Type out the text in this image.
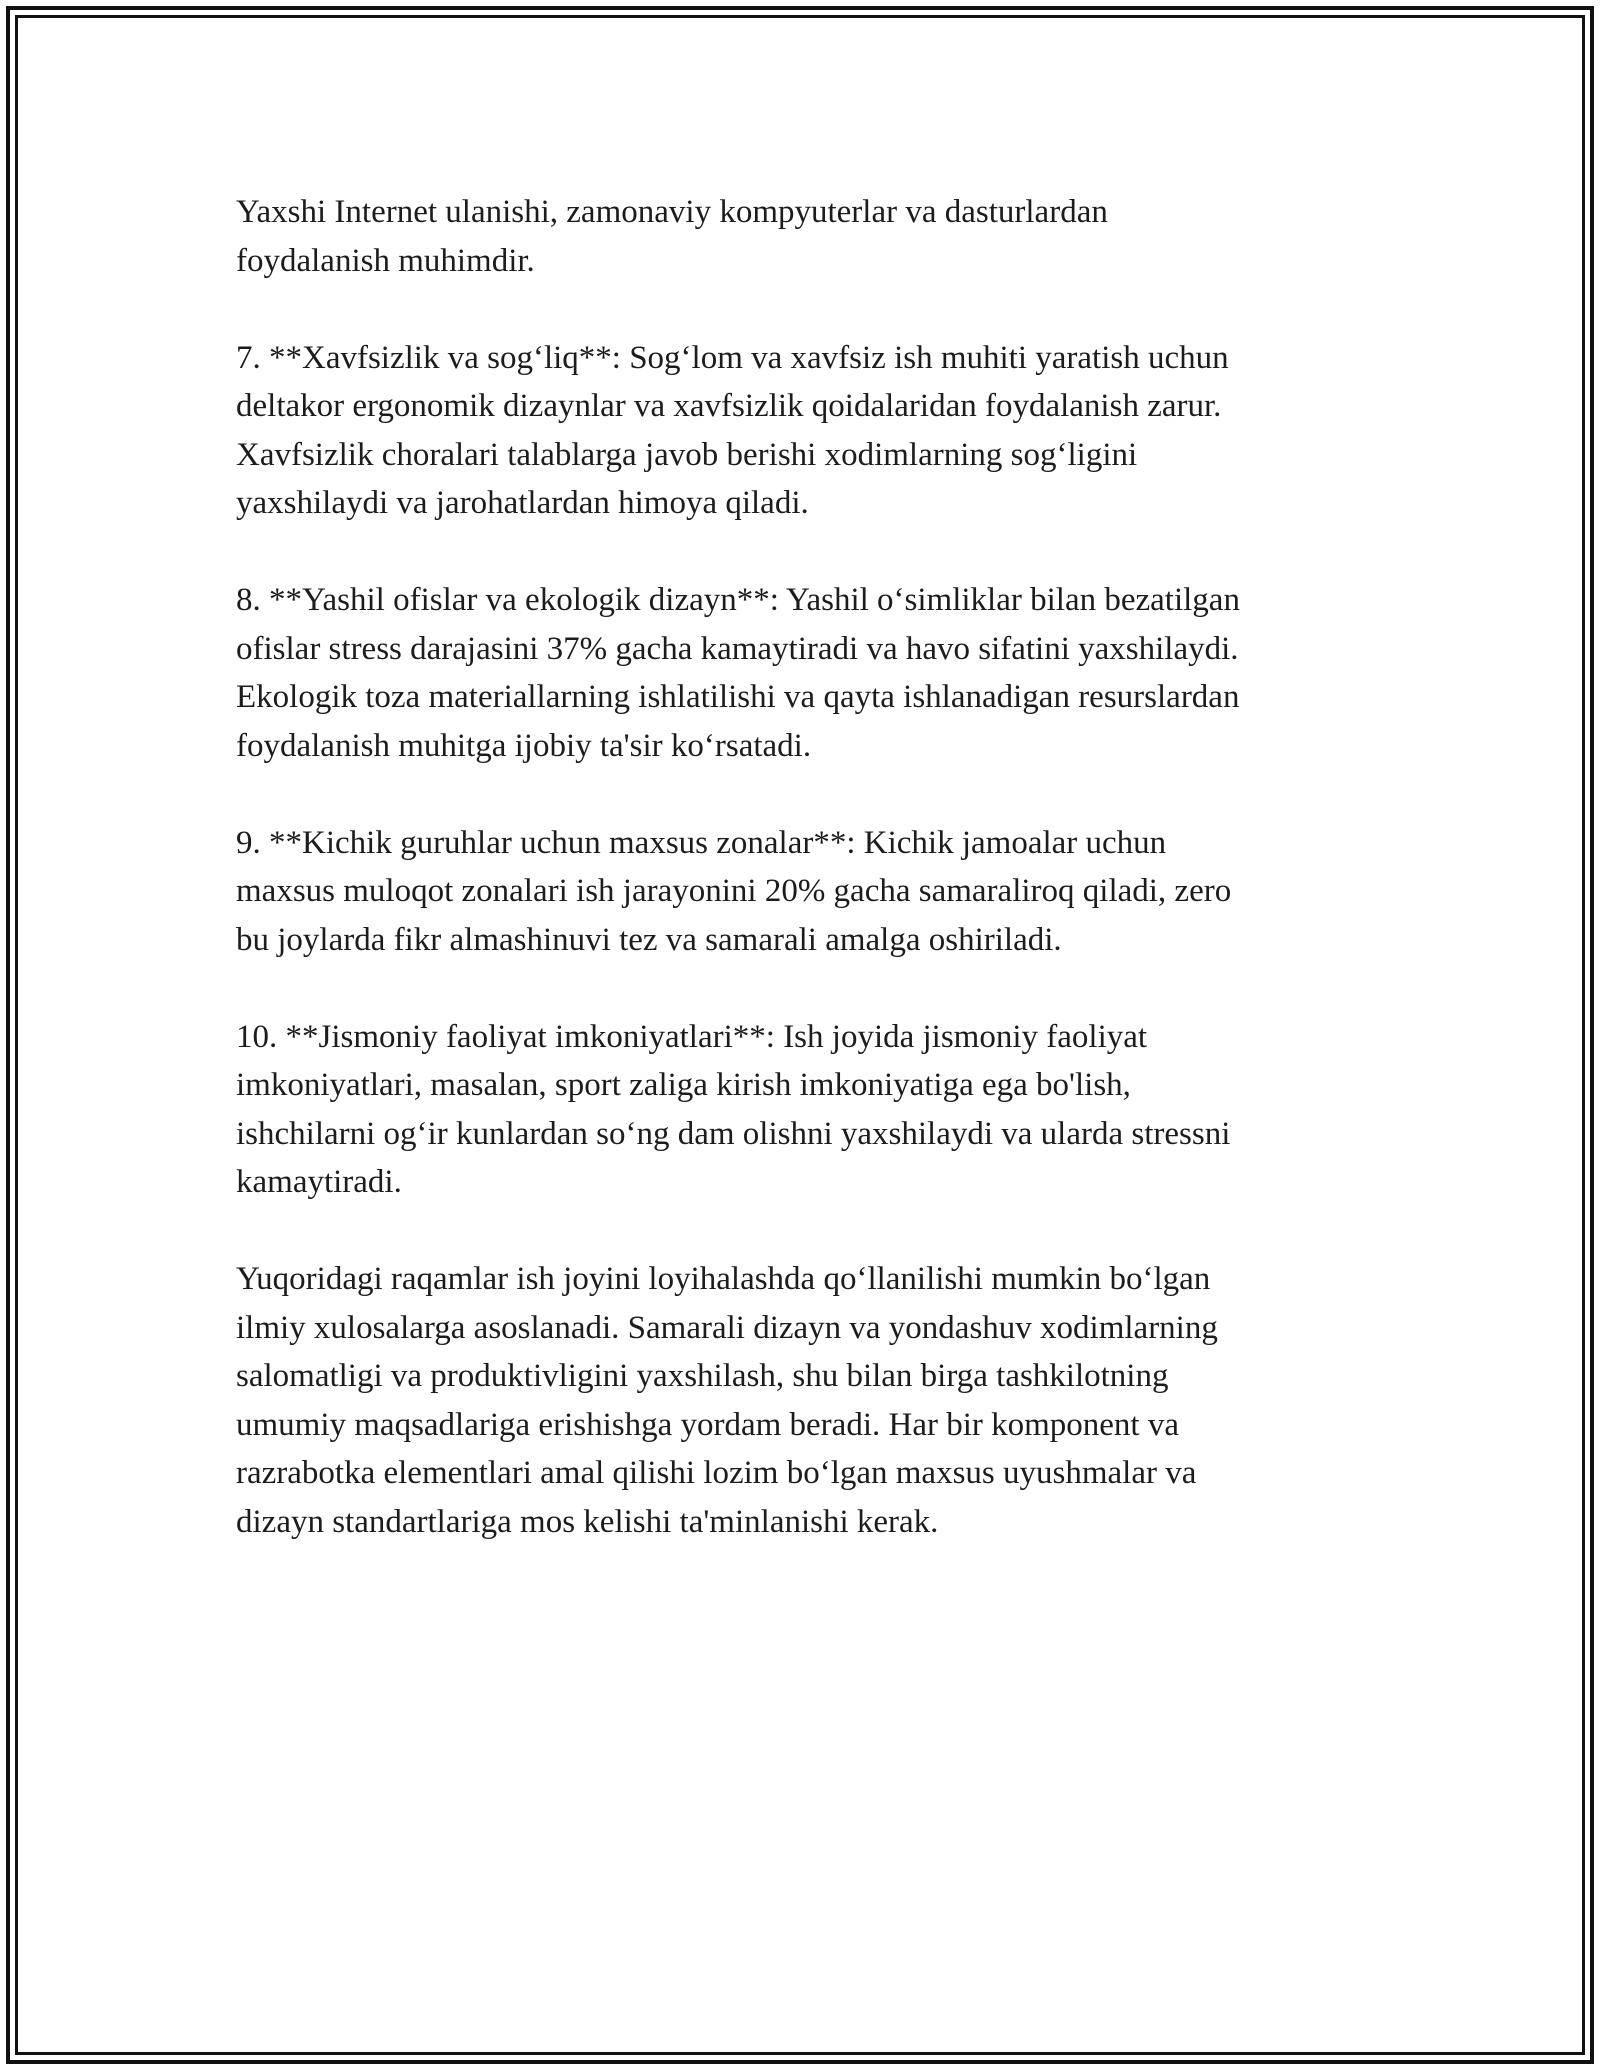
Yaxshi Internet ulanishi, zamonaviy kompyuterlar va dasturlardan
foydalanish muhimdir.

7. **Xavfsizlik va sog‘liq**: Sog‘lom va xavfsiz ish muhiti yaratish uchun
deltakor ergonomik dizaynlar va xavfsizlik qoidalaridan foydalanish zarur.
Xavfsizlik choralari talablarga javob berishi xodimlarning sog‘ligini
yaxshilaydi va jarohatlardan himoya qiladi.

8. **Yashil ofislar va ekologik dizayn**: Yashil o‘simliklar bilan bezatilgan
ofislar stress darajasini 37% gacha kamaytiradi va havo sifatini yaxshilaydi.
Ekologik toza materiallarning ishlatilishi va qayta ishlanadigan resurslardan
foydalanish muhitga ijobiy ta'sir ko‘rsatadi.

9. **Kichik guruhlar uchun maxsus zonalar**: Kichik jamoalar uchun
maxsus muloqot zonalari ish jarayonini 20% gacha samaraliroq qiladi, zero
bu joylarda fikr almashinuvi tez va samarali amalga oshiriladi.

10. **Jismoniy faoliyat imkoniyatlari**: Ish joyida jismoniy faoliyat
imkoniyatlari, masalan, sport zaliga kirish imkoniyatiga ega bo'lish,
ishchilarni og‘ir kunlardan so‘ng dam olishni yaxshilaydi va ularda stressni
kamaytiradi.

Yuqoridagi raqamlar ish joyini loyihalashda qo‘llanilishi mumkin bo‘lgan
ilmiy xulosalarga asoslanadi. Samarali dizayn va yondashuv xodimlarning
salomatligi va produktivligini yaxshilash, shu bilan birga tashkilotning
umumiy maqsadlariga erishishga yordam beradi. Har bir komponent va
razrabotka elementlari amal qilishi lozim bo‘lgan maxsus uyushmalar va
dizayn standartlariga mos kelishi ta'minlanishi kerak.
